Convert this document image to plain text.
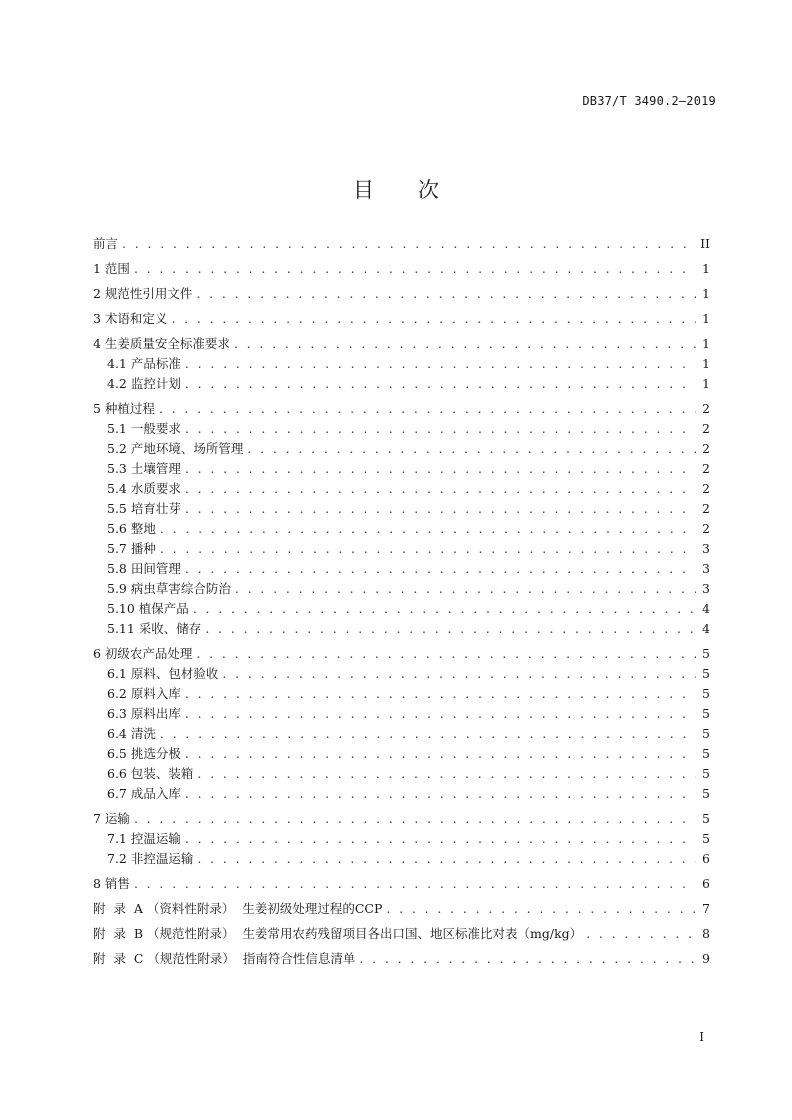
DB37/T 3490.2—2019
目次
前言 . . .	II
1 范围 . . .	1
2 规范性引用文件 . . .	1
3 术语和定义 . . .	1
4 生姜质量安全标准要求 . . .	1
4.1 产品标准 . . .	1
4.2 监控计划 . . .	1
5 种植过程 . . .	2
5.1 一般要求 . . .	2
5.2 产地环境、场所管理 . . .	2
5.3 土壤管理 . . .	2
5.4 水质要求 . . .	2
5.5 培育壮芽 . . .	2
5.6 整地 . . .	2
5.7 播种 . . .	3
5.8 田间管理 . . .	3
5.9 病虫草害综合防治 . . .	3
5.10 植保产品 . . .	4
5.11 采收、储存 . . .	4
6 初级农产品处理 . . .	5
6.1 原料、包材验收 . . .	5
6.2 原料入库 . . .	5
6.3 原料出库 . . .	5
6.4 清洗 . . .	5
6.5 挑选分极 . . .	5
6.6 包装、装箱 . . .	5
6.7 成品入库 . . .	5
7 运输 . . .	5
7.1 控温运输 . . .	5
7.2 非控温运输 . . .	6
8 销售 . . .	6
附  录  A （资料性附录）  生姜初级处理过程的CCP . . .	7
附  录  B （规范性附录）  生姜常用农药残留项目各出口国、地区标准比对表（mg/kg） . . .	8
附  录  C （规范性附录）  指南符合性信息清单 . . .	9
I
